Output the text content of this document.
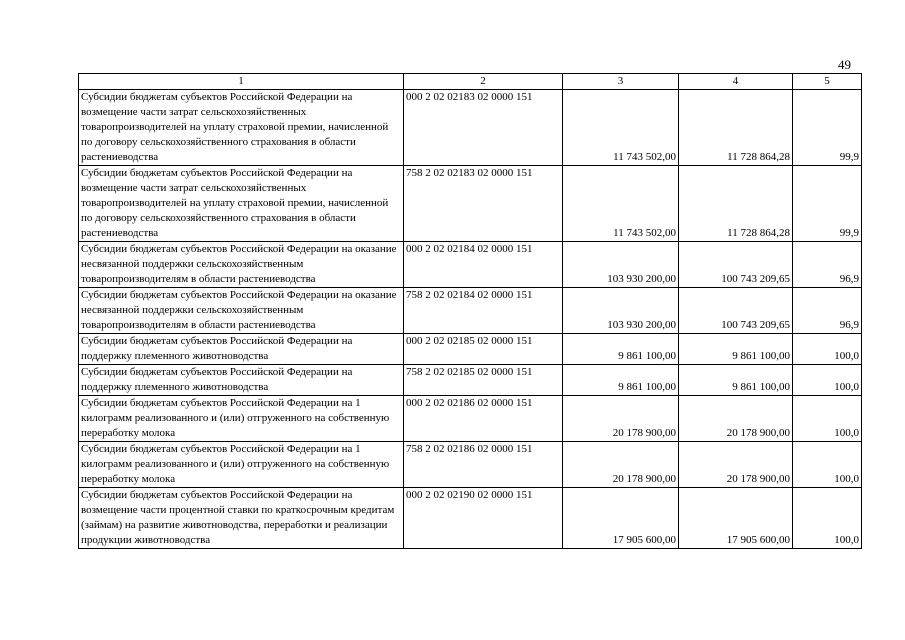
49
1	2	3	4	5
Субсидии бюджетам субъектов Российской Федерации на возмещение части затрат сельскохозяйственных товаропроизводителей на уплату страховой премии, начисленной по договору сельскохозяйственного страхования в области растениеводства	000 2 02 02183 02 0000 151	11 743 502,00	11 728 864,28	99,9
Субсидии бюджетам субъектов Российской Федерации на возмещение части затрат сельскохозяйственных товаропроизводителей на уплату страховой премии, начисленной по договору сельскохозяйственного страхования в области растениеводства	758 2 02 02183 02 0000 151	11 743 502,00	11 728 864,28	99,9
Субсидии бюджетам субъектов Российской Федерации на оказание несвязанной поддержки сельскохозяйственным товаропроизводителям в области растениеводства	000 2 02 02184 02 0000 151	103 930 200,00	100 743 209,65	96,9
Субсидии бюджетам субъектов Российской Федерации на оказание несвязанной поддержки сельскохозяйственным товаропроизводителям в области растениеводства	758 2 02 02184 02 0000 151	103 930 200,00	100 743 209,65	96,9
Субсидии бюджетам субъектов Российской Федерации на поддержку племенного животноводства	000 2 02 02185 02 0000 151	9 861 100,00	9 861 100,00	100,0
Субсидии бюджетам субъектов Российской Федерации на поддержку племенного животноводства	758 2 02 02185 02 0000 151	9 861 100,00	9 861 100,00	100,0
Субсидии бюджетам субъектов Российской Федерации на 1 килограмм реализованного и (или) отгруженного на собственную переработку молока	000 2 02 02186 02 0000 151	20 178 900,00	20 178 900,00	100,0
Субсидии бюджетам субъектов Российской Федерации на 1 килограмм реализованного и (или) отгруженного на собственную переработку молока	758 2 02 02186 02 0000 151	20 178 900,00	20 178 900,00	100,0
Субсидии бюджетам субъектов Российской Федерации на возмещение части процентной ставки по краткосрочным кредитам (займам) на развитие животноводства, переработки и реализации продукции животноводства	000 2 02 02190 02 0000 151	17 905 600,00	17 905 600,00	100,0
